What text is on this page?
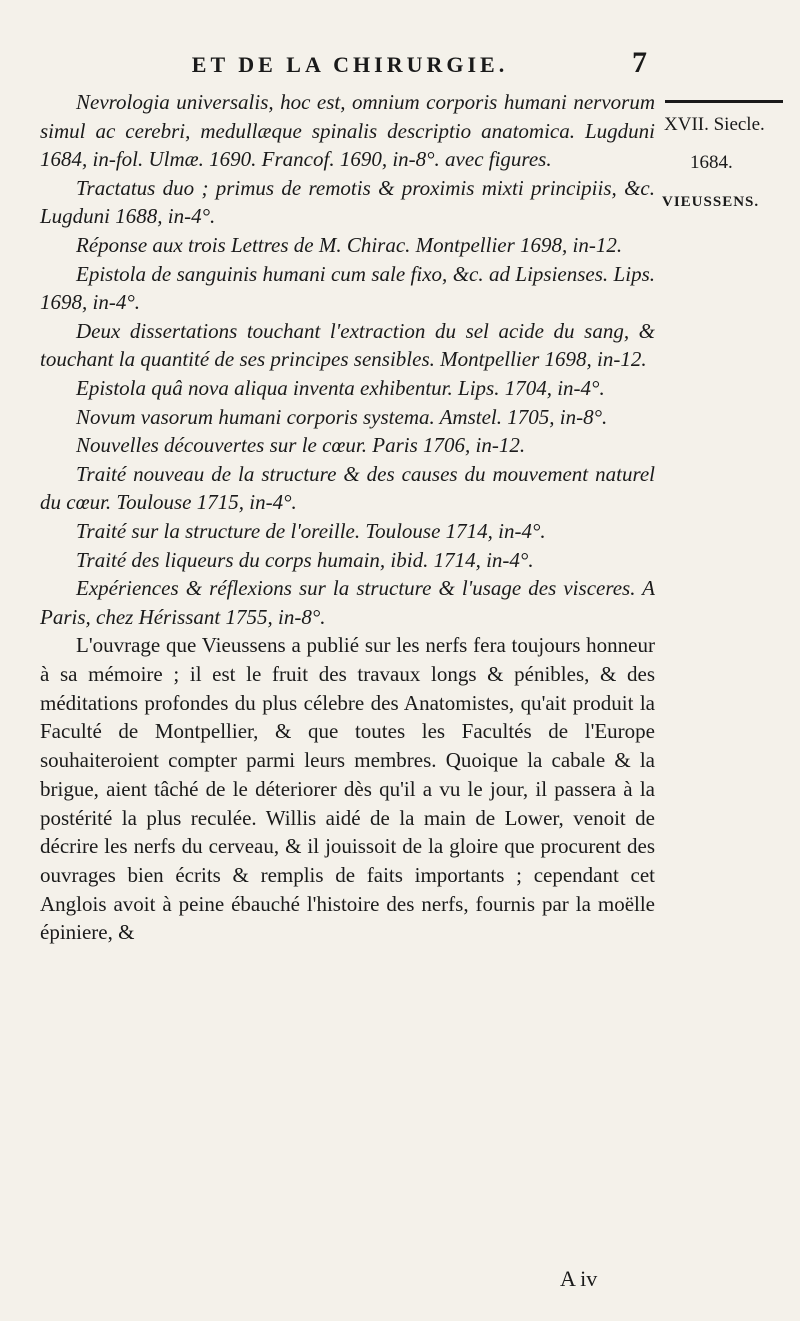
ET DE LA CHIRURGIE.	7
XVII. Siecle.
1684.
VIEUSSENS.

Nevrologia universalis, hoc est, omnium corporis humani nervorum simul ac cerebri, medullæque spinalis descriptio anatomica. Lugduni 1684, in-fol. Ulmæ. 1690. Francof. 1690, in-8°. avec figures.

Tractatus duo ; primus de remotis & proximis mixti principiis, &c. Lugduni 1688, in-4°.

Réponse aux trois Lettres de M. Chirac. Montpellier 1698, in-12.

Epistola de sanguinis humani cum sale fixo, &c. ad Lipsienses. Lips. 1698, in-4°.

Deux dissertations touchant l'extraction du sel acide du sang, & touchant la quantité de ses principes sensibles. Montpellier 1698, in-12.

Epistola quâ nova aliqua inventa exhibentur. Lips. 1704, in-4°.

Novum vasorum humani corporis systema. Amstel. 1705, in-8°.

Nouvelles découvertes sur le cœur. Paris 1706, in-12.

Traité nouveau de la structure & des causes du mouvement naturel du cœur. Toulouse 1715, in-4°.

Traité sur la structure de l'oreille. Toulouse 1714, in-4°.

Traité des liqueurs du corps humain, ibid. 1714, in-4°.

Expériences & réflexions sur la structure & l'usage des visceres. A Paris, chez Hérissant 1755, in-8°.

L'ouvrage que Vieussens a publié sur les nerfs fera toujours honneur à sa mémoire ; il est le fruit des travaux longs & pénibles, & des méditations profondes du plus célebre des Anatomistes, qu'ait produit la Faculté de Montpellier, & que toutes les Facultés de l'Europe souhaiteroient compter parmi leurs membres. Quoique la cabale & la brigue, aient tâché de le déteriorer dès qu'il a vu le jour, il passera à la postérité la plus reculée. Willis aidé de la main de Lower, venoit de décrire les nerfs du cerveau, & il jouissoit de la gloire que procurent des ouvrages bien écrits & remplis de faits importants ; cependant cet Anglois avoit à peine ébauché l'histoire des nerfs, fournis par la moëlle épiniere, &

A iv
